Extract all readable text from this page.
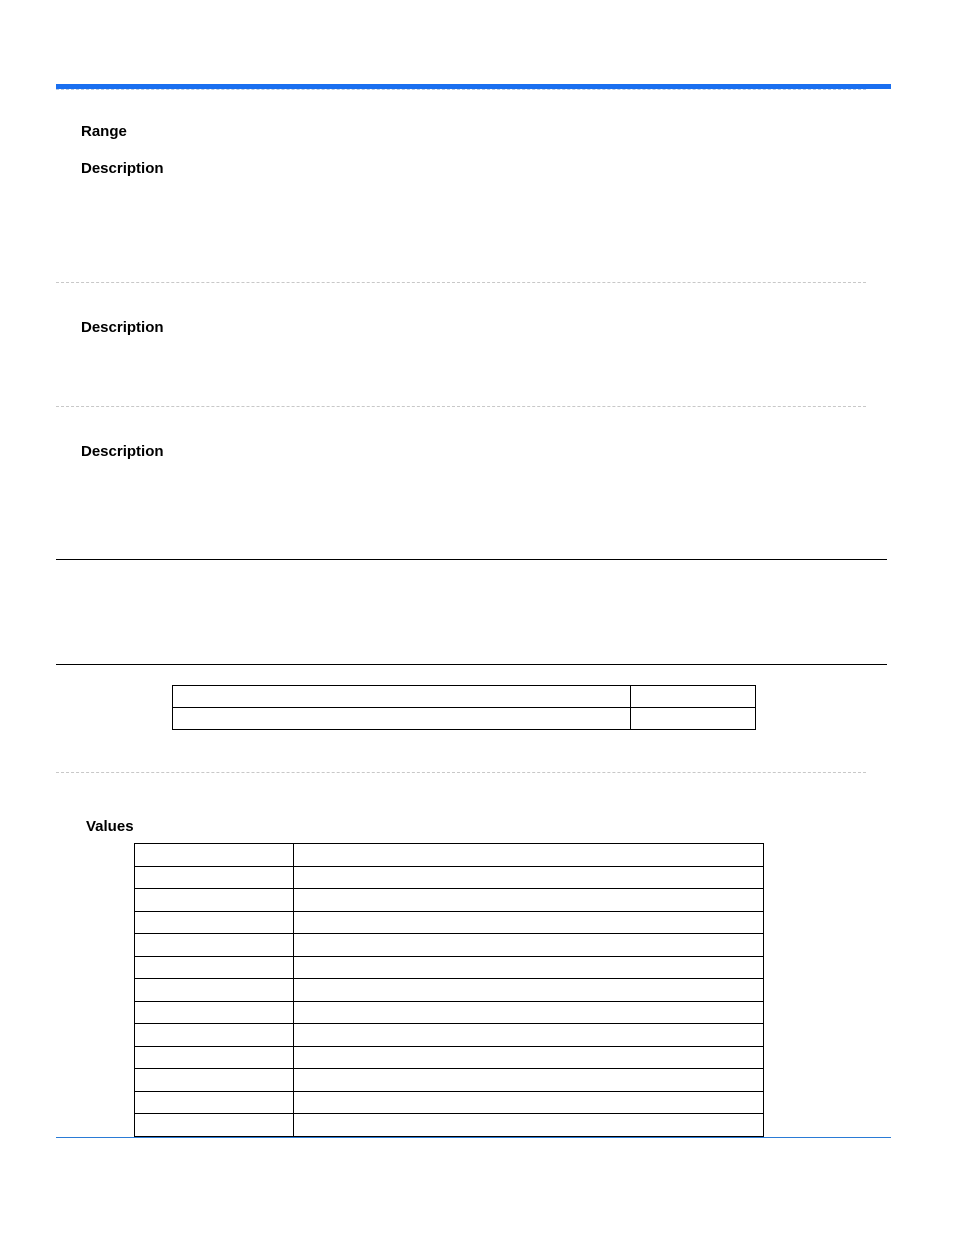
Range
Description
Description
Description

Values
